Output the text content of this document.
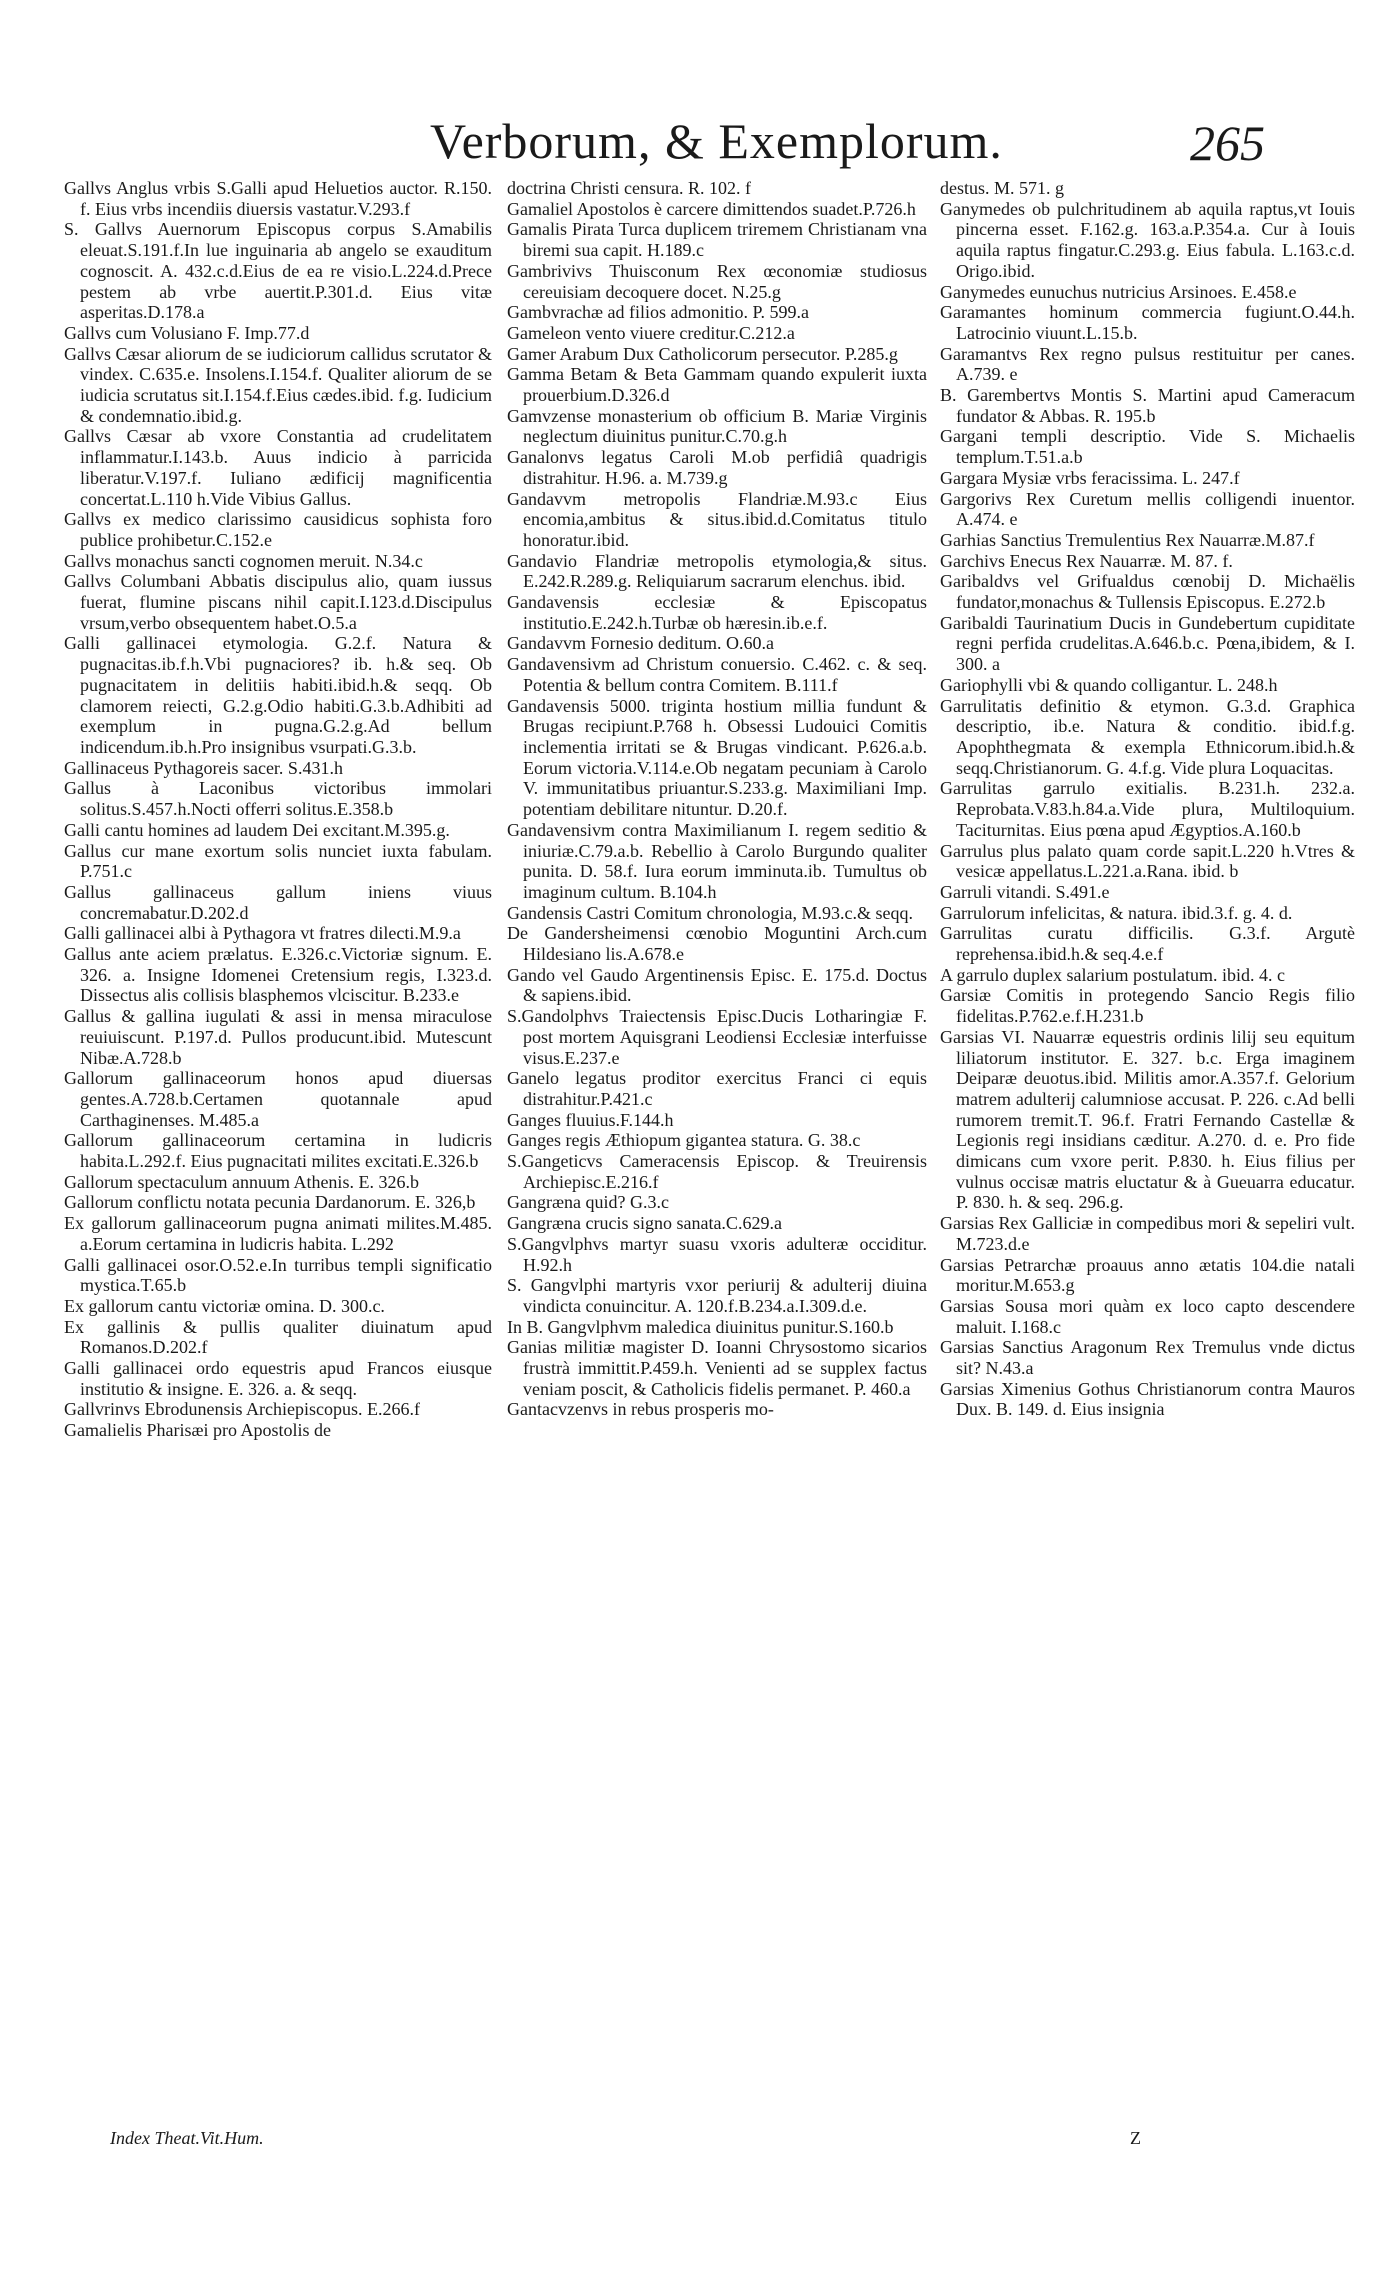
Verborum, & Exemplorum.	265
Gallvs Anglus vrbis S.Galli apud Heluetios auctor. R.150. f. Eius vrbs incendiis diuersis vastatur.V.293.f
S. Gallvs Auernorum Episcopus corpus S.Amabilis eleuat.S.191.f.In lue inguinaria ab angelo se exauditum cognoscit. A. 432.c.d.Eius de ea re visio.L.224.d.Prece pestem ab vrbe auertit.P.301.d. Eius vitæ asperitas.D.178.a
Gallvs cum Volusiano F. Imp.77.d
Gallvs Cæsar aliorum de se iudiciorum callidus scrutator & vindex. C.635.e. Insolens.I.154.f. Qualiter aliorum de se iudicia scrutatus sit.I.154.f.Eius cædes.ibid. f.g. Iudicium & condemnatio.ibid.g.
Gallvs Cæsar ab vxore Constantia ad crudelitatem inflammatur.I.143.b. Auus indicio à parricida liberatur.V.197.f. Iuliano ædificij magnificentia concertat.L.110 h.Vide Vibius Gallus.
Gallvs ex medico clarissimo causidicus sophista foro publice prohibetur.C.152.e
Gallvs monachus sancti cognomen meruit. N.34.c
Gallvs Columbani Abbatis discipulus alio, quam iussus fuerat, flumine piscans nihil capit.I.123.d.Discipulus vrsum,verbo obsequentem habet.O.5.a
Galli gallinacei etymologia. G.2.f. Natura & pugnacitas.ib.f.h.Vbi pugnaciores? ib. h.& seq. Ob pugnacitatem in delitiis habiti.ibid.h.& seqq. Ob clamorem reiecti, G.2.g.Odio habiti.G.3.b.Adhibiti ad exemplum in pugna.G.2.g.Ad bellum indicendum.ib.h.Pro insignibus vsurpati.G.3.b.
Gallinaceus Pythagoreis sacer. S.431.h
Gallus à Laconibus victoribus immolari solitus.S.457.h.Nocti offerri solitus.E.358.b
Galli cantu homines ad laudem Dei excitant.M.395.g.
Gallus cur mane exortum solis nunciet iuxta fabulam. P.751.c
Gallus gallinaceus gallum iniens viuus concremabatur.D.202.d
Galli gallinacei albi à Pythagora vt fratres dilecti.M.9.a
Gallus ante aciem prælatus. E.326.c.Victoriæ signum. E. 326. a. Insigne Idomenei Cretensium regis, I.323.d. Dissectus alis collisis blasphemos vlciscitur. B.233.e
Gallus & gallina iugulati & assi in mensa miraculose reuiuiscunt. P.197.d. Pullos producunt.ibid. Mutescunt Nibæ.A.728.b
Gallorum gallinaceorum honos apud diuersas gentes.A.728.b.Certamen quotannale apud Carthaginenses. M.485.a
Gallorum gallinaceorum certamina in ludicris habita.L.292.f. Eius pugnacitati milites excitati.E.326.b
Gallorum spectaculum annuum Athenis. E. 326.b
Gallorum conflictu notata pecunia Dardanorum. E. 326,b
Ex gallorum gallinaceorum pugna animati milites.M.485. a.Eorum certamina in ludicris habita. L.292
Galli gallinacei osor.O.52.e.In turribus templi significatio mystica.T.65.b
Ex gallorum cantu victoriæ omina. D. 300.c.
Ex gallinis & pullis qualiter diuinatum apud Romanos.D.202.f
Galli gallinacei ordo equestris apud Francos eiusque institutio & insigne. E. 326. a. & seqq.
Gallvrinvs Ebrodunensis Archiepiscopus. E.266.f
Gamalielis Pharisæi pro Apostolis de
doctrina Christi censura. R. 102. f
Gamaliel Apostolos è carcere dimittendos suadet.P.726.h
Gamalis Pirata Turca duplicem triremem Christianam vna biremi sua capit. H.189.c
Gambrivivs Thuisconum Rex œconomiæ studiosus cereuisiam decoquere docet. N.25.g
Gambvrachæ ad filios admonitio. P. 599.a
Gameleon vento viuere creditur.C.212.a
Gamer Arabum Dux Catholicorum persecutor. P.285.g
Gamma Betam & Beta Gammam quando expulerit iuxta prouerbium.D.326.d
Gamvzense monasterium ob officium B. Mariæ Virginis neglectum diuinitus punitur.C.70.g.h
Ganalonvs legatus Caroli M.ob perfidiâ quadrigis distrahitur. H.96. a. M.739.g
Gandavvm metropolis Flandriæ.M.93.c Eius encomia,ambitus & situs.ibid.d.Comitatus titulo honoratur.ibid.
Gandavio Flandriæ metropolis etymologia,& situs. E.242.R.289.g. Reliquiarum sacrarum elenchus. ibid.
Gandavensis ecclesiæ & Episcopatus institutio.E.242.h.Turbæ ob hæresin.ib.e.f.
Gandavvm Fornesio deditum. O.60.a
Gandavensivm ad Christum conuersio. C.462. c. & seq. Potentia & bellum contra Comitem. B.111.f
Gandavensis 5000. triginta hostium millia fundunt & Brugas recipiunt.P.768 h. Obsessi Ludouici Comitis inclementia irritati se & Brugas vindicant. P.626.a.b. Eorum victoria.V.114.e.Ob negatam pecuniam à Carolo V. immunitatibus priuantur.S.233.g. Maximiliani Imp. potentiam debilitare nituntur. D.20.f.
Gandavensivm contra Maximilianum I. regem seditio & iniuriæ.C.79.a.b. Rebellio à Carolo Burgundo qualiter punita. D. 58.f. Iura eorum imminuta.ib. Tumultus ob imaginum cultum. B.104.h
Gandensis Castri Comitum chronologia, M.93.c.& seqq.
De Gandersheimensi cœnobio Moguntini Arch.cum Hildesiano lis.A.678.e
Gando vel Gaudo Argentinensis Episc. E. 175.d. Doctus & sapiens.ibid.
S.Gandolphvs Traiectensis Episc.Ducis Lotharingiæ F. post mortem Aquisgrani Leodiensi Ecclesiæ interfuisse visus.E.237.e
Ganelo legatus proditor exercitus Franci ci equis distrahitur.P.421.c
Ganges fluuius.F.144.h
Ganges regis Æthiopum gigantea statura. G. 38.c
S.Gangeticvs Cameracensis Episcop. & Treuirensis Archiepisc.E.216.f
Gangræna quid? G.3.c
Gangræna crucis signo sanata.C.629.a
S.Gangvlphvs martyr suasu vxoris adulteræ occiditur. H.92.h
S. Gangvlphi martyris vxor periurij & adulterij diuina vindicta conuincitur. A. 120.f.B.234.a.I.309.d.e.
In B. Gangvlphvm maledica diuinitus punitur.S.160.b
Ganias militiæ magister D. Ioanni Chrysostomo sicarios frustrà immittit.P.459.h. Venienti ad se supplex factus veniam poscit, & Catholicis fidelis permanet. P. 460.a
Gantacvzenvs in rebus prosperis mo-
destus. M. 571. g
Ganymedes ob pulchritudinem ab aquila raptus,vt Iouis pincerna esset. F.162.g. 163.a.P.354.a. Cur à Iouis aquila raptus fingatur.C.293.g. Eius fabula. L.163.c.d. Origo.ibid.
Ganymedes eunuchus nutricius Arsinoes. E.458.e
Garamantes hominum commercia fugiunt.O.44.h. Latrocinio viuunt.L.15.b.
Garamantvs Rex regno pulsus restituitur per canes. A.739. e
B. Garembertvs Montis S. Martini apud Cameracum fundator & Abbas. R. 195.b
Gargani templi descriptio. Vide S. Michaelis templum.T.51.a.b
Gargara Mysiæ vrbs feracissima. L. 247.f
Gargorivs Rex Curetum mellis colligendi inuentor. A.474. e
Garhias Sanctius Tremulentius Rex Nauarræ.M.87.f
Garchivs Enecus Rex Nauarræ. M. 87. f.
Garibaldvs vel Grifualdus cœnobij D. Michaëlis fundator,monachus & Tullensis Episcopus. E.272.b
Garibaldi Taurinatium Ducis in Gundebertum cupiditate regni perfida crudelitas.A.646.b.c. Pœna,ibidem, & I. 300. a
Gariophylli vbi & quando colligantur. L. 248.h
Garrulitatis definitio & etymon. G.3.d. Graphica descriptio, ib.e. Natura & conditio. ibid.f.g. Apophthegmata & exempla Ethnicorum.ibid.h.& seqq.Christianorum. G. 4.f.g. Vide plura Loquacitas.
Garrulitas garrulo exitialis. B.231.h. 232.a. Reprobata.V.83.h.84.a.Vide plura, Multiloquium. Taciturnitas. Eius pœna apud Ægyptios.A.160.b
Garrulus plus palato quam corde sapit.L.220 h.Vtres & vesicæ appellatus.L.221.a.Rana. ibid. b
Garruli vitandi. S.491.e
Garrulorum infelicitas, & natura. ibid.3.f. g. 4. d.
Garrulitas curatu difficilis. G.3.f. Argutè reprehensa.ibid.h.& seq.4.e.f
A garrulo duplex salarium postulatum. ibid. 4. c
Garsiæ Comitis in protegendo Sancio Regis filio fidelitas.P.762.e.f.H.231.b
Garsias VI. Nauarræ equestris ordinis lilij seu equitum liliatorum institutor. E. 327. b.c. Erga imaginem Deiparæ deuotus.ibid. Militis amor.A.357.f. Gelorium matrem adulterij calumniose accusat. P. 226. c.Ad belli rumorem tremit.T. 96.f. Fratri Fernando Castellæ & Legionis regi insidians cæditur. A.270. d. e. Pro fide dimicans cum vxore perit. P.830. h. Eius filius per vulnus occisæ matris eluctatur & à Gueuarra educatur. P. 830. h. & seq. 296.g.
Garsias Rex Galliciæ in compedibus mori & sepeliri vult. M.723.d.e
Garsias Petrarchæ proauus anno ætatis 104.die natali moritur.M.653.g
Garsias Sousa mori quàm ex loco capto descendere maluit. I.168.c
Garsias Sanctius Aragonum Rex Tremulus vnde dictus sit? N.43.a
Garsias Ximenius Gothus Christianorum contra Mauros Dux. B. 149. d. Eius insignia
Index Theat.Vit.Hum.	Z
